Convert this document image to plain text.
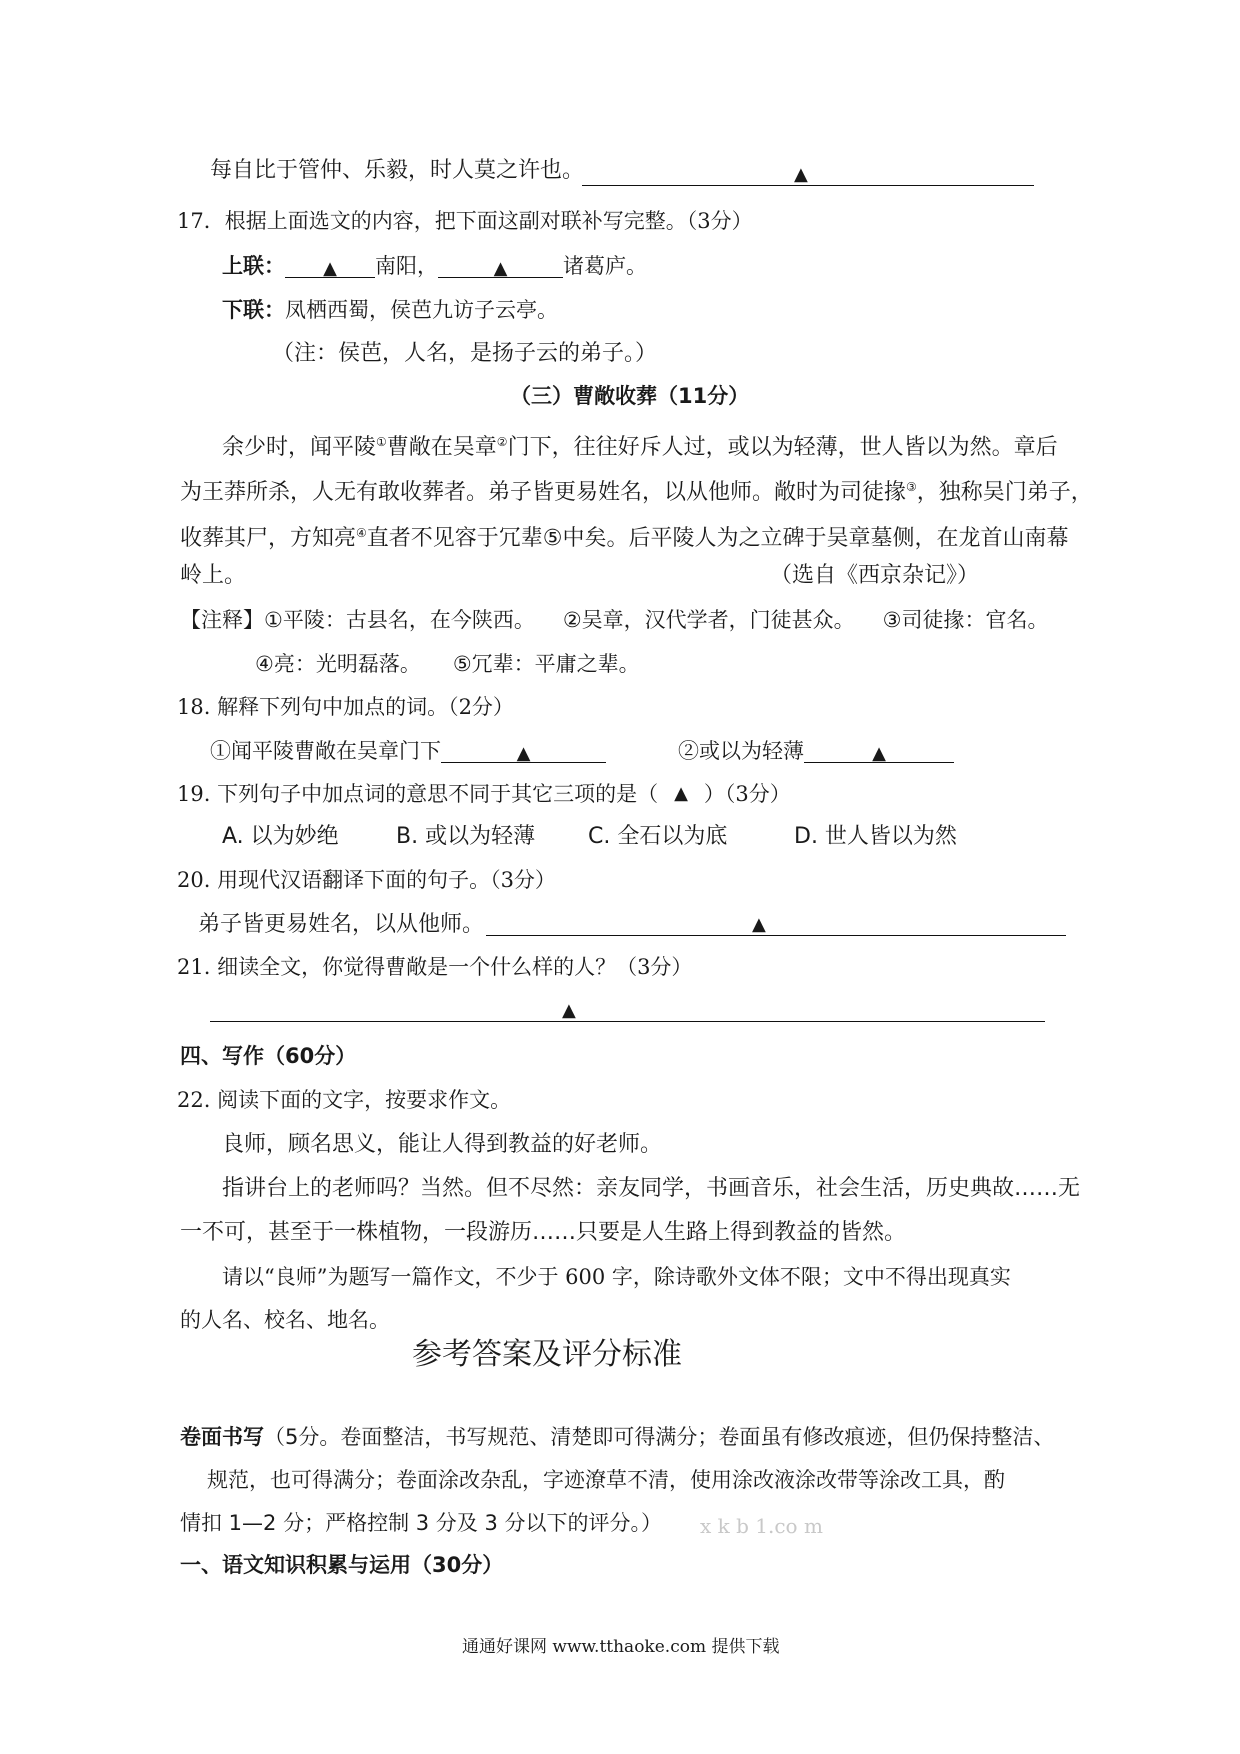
每自比于管仲、乐毅，时人莫之许也。	▲
17．根据上面选文的内容，把下面这副对联补写完整。（3分）
上联： ▲ 南阳，	▲	诸葛庐。
下联：凤栖西蜀，侯芭九访子云亭。
（注：侯芭，人名，是扬子云的弟子。）
（三）曹敞收葬（11分）
余少时，闻平陵①曹敞在吴章②门下，往往好斥人过，或以为轻薄，世人皆以为然。章后
为王莽所杀，人无有敢收葬者。弟子皆更易姓名，以从他师。敞时为司徒掾③，独称吴门弟子，
收葬其尸，方知亮④直者不见容于冗辈⑤中矣。后平陵人为之立碑于吴章墓侧，在龙首山南幕
岭上。	（选自《西京杂记》）
【注释】①平陵：古县名，在今陕西。 ②吴章，汉代学者，门徒甚众。 ③司徒掾：官名。
④亮：光明磊落。 ⑤冗辈：平庸之辈。
18. 解释下列句中加点的词。（2分）
①闻平陵曹敞在吴章门下	▲	②或以为轻薄	▲
19. 下列句子中加点词的意思不同于其它三项的是（ ▲ ）（3分）
A. 以为妙绝	B. 或以为轻薄 C. 全石以为底	D. 世人皆以为然
20. 用现代汉语翻译下面的句子。（3分）
弟子皆更易姓名，以从他师。	▲
21. 细读全文，你觉得曹敞是一个什么样的人？（3分）
▲
四、写作（60分）
22. 阅读下面的文字，按要求作文。
良师，顾名思义，能让人得到教益的好老师。
指讲台上的老师吗？当然。但不尽然：亲友同学，书画音乐，社会生活，历史典故……无
一不可，甚至于一株植物，一段游历……只要是人生路上得到教益的皆然。
请以“良师”为题写一篇作文，不少于 600 字，除诗歌外文体不限；文中不得出现真实
的人名、校名、地名。
参考答案及评分标准
卷面书写（5分。卷面整洁，书写规范、清楚即可得满分；卷面虽有修改痕迹，但仍保持整洁、
规范，也可得满分；卷面涂改杂乱，字迹潦草不清，使用涂改液涂改带等涂改工具，酌
情扣 1—2 分；严格控制 3 分及 3 分以下的评分。） x k b 1.co m
一、语文知识积累与运用（30分）
通通好课网 www.tthaoke.com 提供下载
